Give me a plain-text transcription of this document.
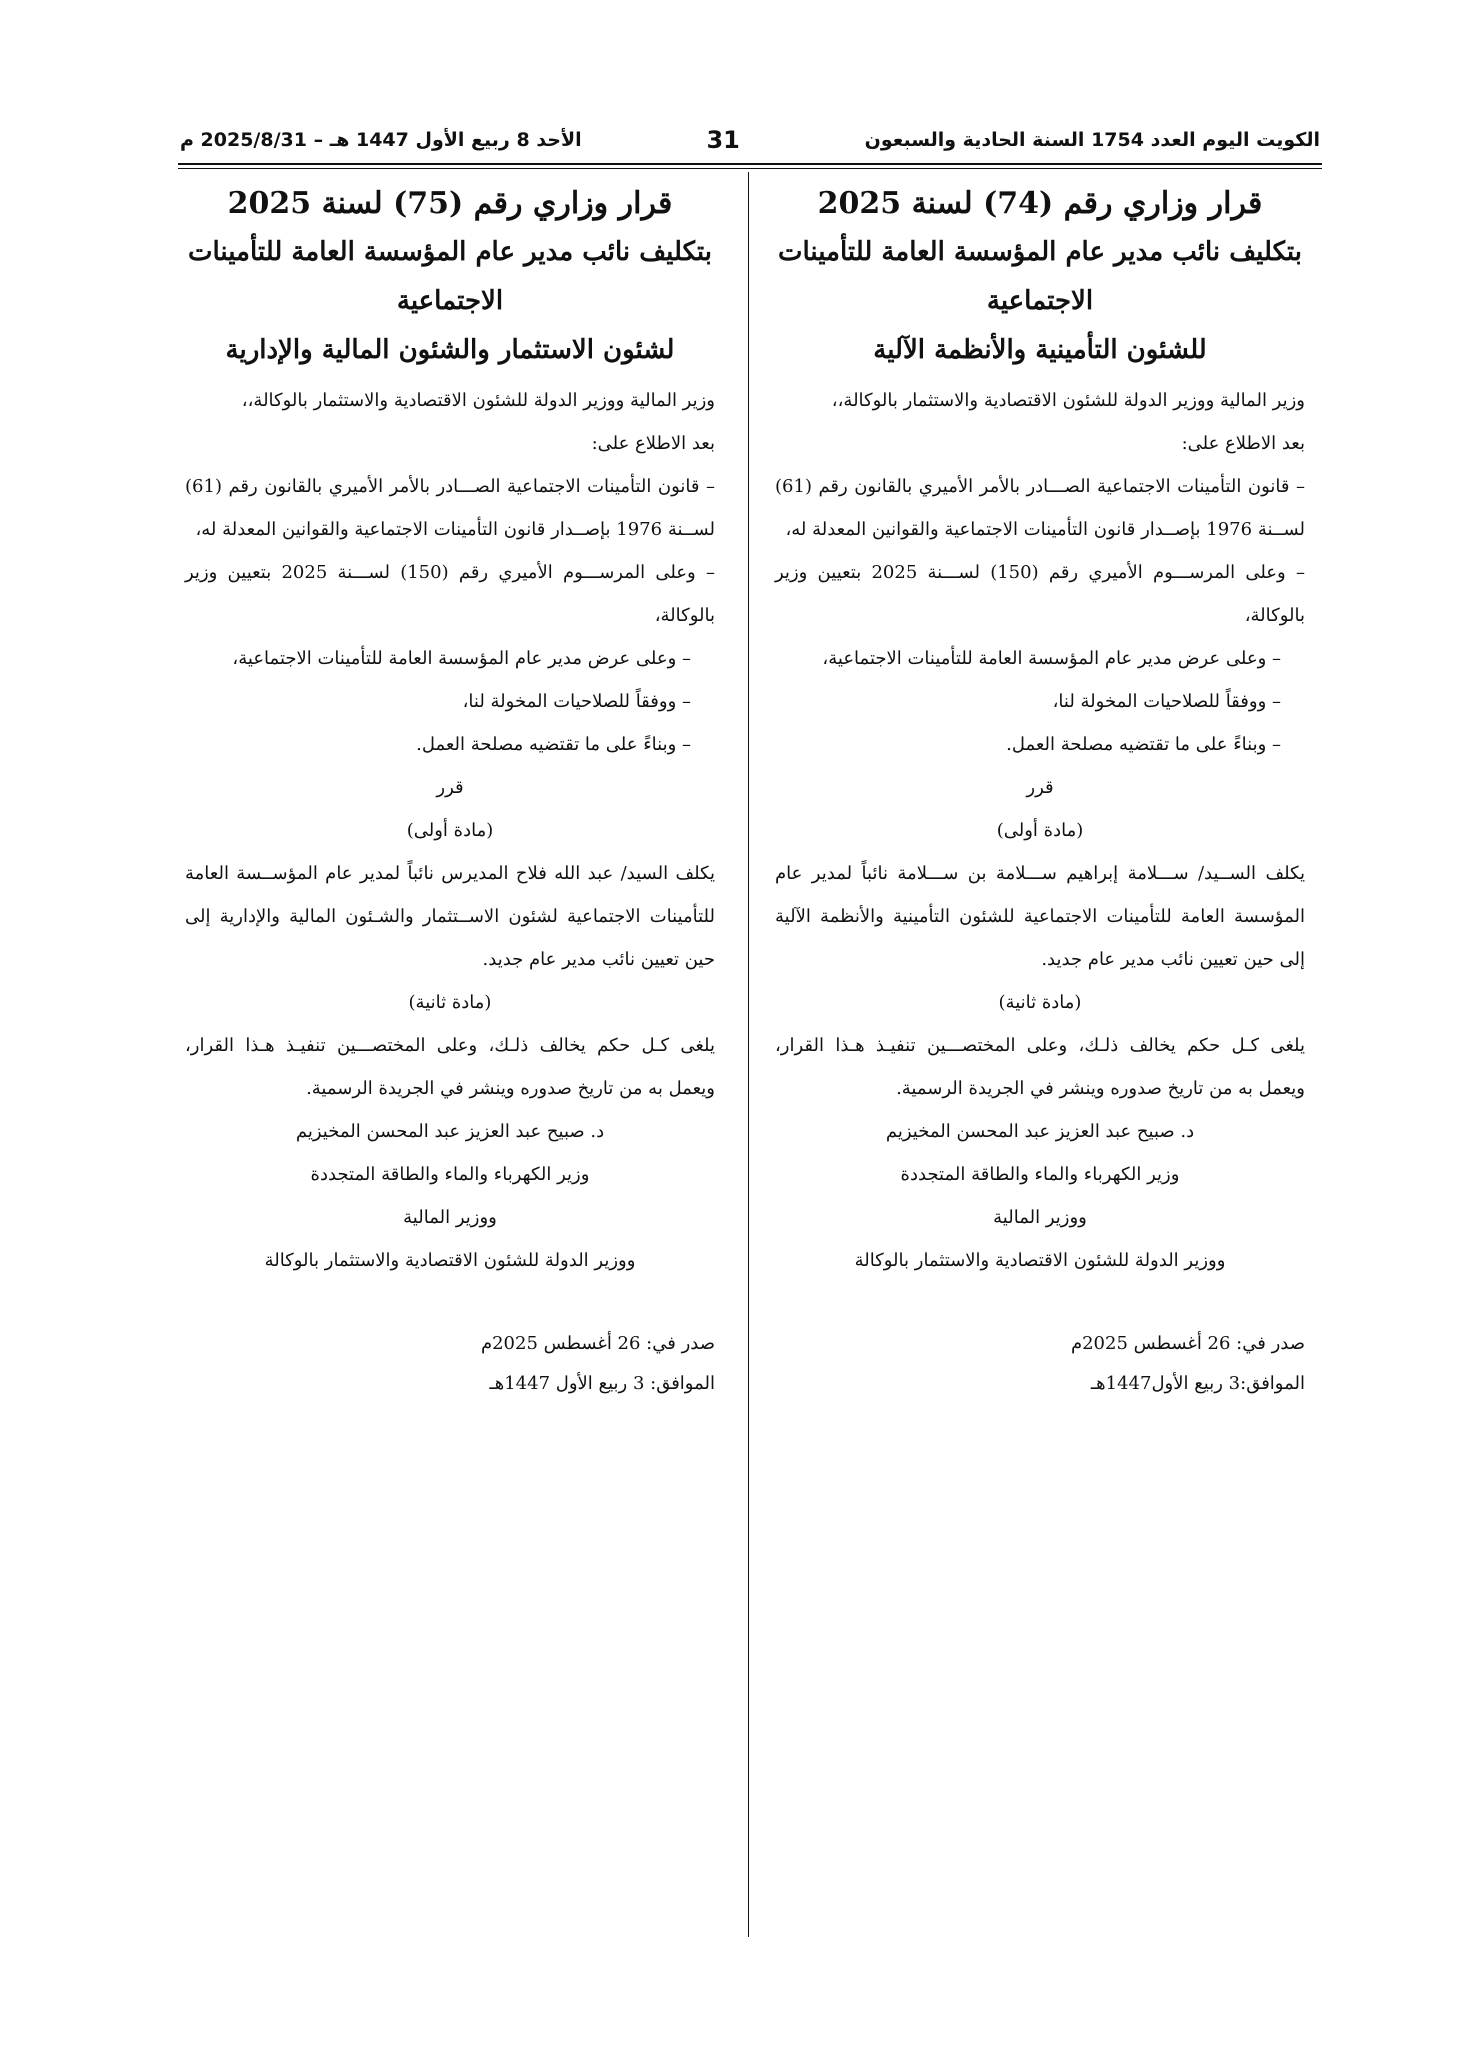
الكويت اليوم العدد 1754 السنة الحادية والسبعون
31
الأحد 8 ربيع الأول 1447 هـ – 2025/8/31 م

قرار وزاري رقم (74) لسنة 2025

بتكليف نائب مدير عام المؤسسة العامة للتأمينات

الاجتماعية

للشئون التأمينية والأنظمة الآلية

وزير المالية ووزير الدولة للشئون الاقتصادية والاستثمار بالوكالة،،

بعد الاطلاع على:

– قانون التأمينات الاجتماعية الصـــادر بالأمر الأميري بالقانون رقم (61) لســنة 1976 بإصــدار قانون التأمينات الاجتماعية والقوانين المعدلة له،

– وعلى المرســـوم الأميري رقم (150) لســـنة 2025 بتعيين وزير بالوكالة،

– وعلى عرض مدير عام المؤسسة العامة للتأمينات الاجتماعية،

– ووفقاً للصلاحيات المخولة لنا،

– وبناءً على ما تقتضيه مصلحة العمل.

قرر

(مادة أولى)

يكلف الســيد/ ســـلامة إبراهيم ســـلامة بن ســـلامة نائباً لمدير عام المؤسسة العامة للتأمينات الاجتماعية للشئون التأمينية والأنظمة الآلية إلى حين تعيين نائب مدير عام جديد.

(مادة ثانية)

يلغى كـل حكم يخالف ذلـك، وعلى المختصـــين تنفيـذ هـذا القرار، ويعمل به من تاريخ صدوره وينشر في الجريدة الرسمية.

د. صبيح عبد العزيز عبد المحسن المخيزيم

وزير الكهرباء والماء والطاقة المتجددة

ووزير المالية

ووزير الدولة للشئون الاقتصادية والاستثمار بالوكالة

صدر في: 26 أغسطس 2025م

الموافق:3 ربيع الأول1447هـ

قرار وزاري رقم (75) لسنة 2025

بتكليف نائب مدير عام المؤسسة العامة للتأمينات

الاجتماعية

لشئون الاستثمار والشئون المالية والإدارية

وزير المالية ووزير الدولة للشئون الاقتصادية والاستثمار بالوكالة،،

بعد الاطلاع على:

– قانون التأمينات الاجتماعية الصـــادر بالأمر الأميري بالقانون رقم (61) لســنة 1976 بإصــدار قانون التأمينات الاجتماعية والقوانين المعدلة له،

– وعلى المرســـوم الأميري رقم (150) لســـنة 2025 بتعيين وزير بالوكالة،

– وعلى عرض مدير عام المؤسسة العامة للتأمينات الاجتماعية،

– ووفقاً للصلاحيات المخولة لنا،

– وبناءً على ما تقتضيه مصلحة العمل.

قرر

(مادة أولى)

يكلف السيد/ عبد الله فلاح المديرس نائباً لمدير عام المؤســسة العامة للتأمينات الاجتماعية لشئون الاســتثمار والشـئون المالية والإدارية إلى حين تعيين نائب مدير عام جديد.

(مادة ثانية)

يلغى كـل حكم يخالف ذلـك، وعلى المختصـــين تنفيـذ هـذا القرار، ويعمل به من تاريخ صدوره وينشر في الجريدة الرسمية.

د. صبيح عبد العزيز عبد المحسن المخيزيم

وزير الكهرباء والماء والطاقة المتجددة

ووزير المالية

ووزير الدولة للشئون الاقتصادية والاستثمار بالوكالة

صدر في: 26 أغسطس 2025م

الموافق: 3 ربيع الأول 1447هـ
